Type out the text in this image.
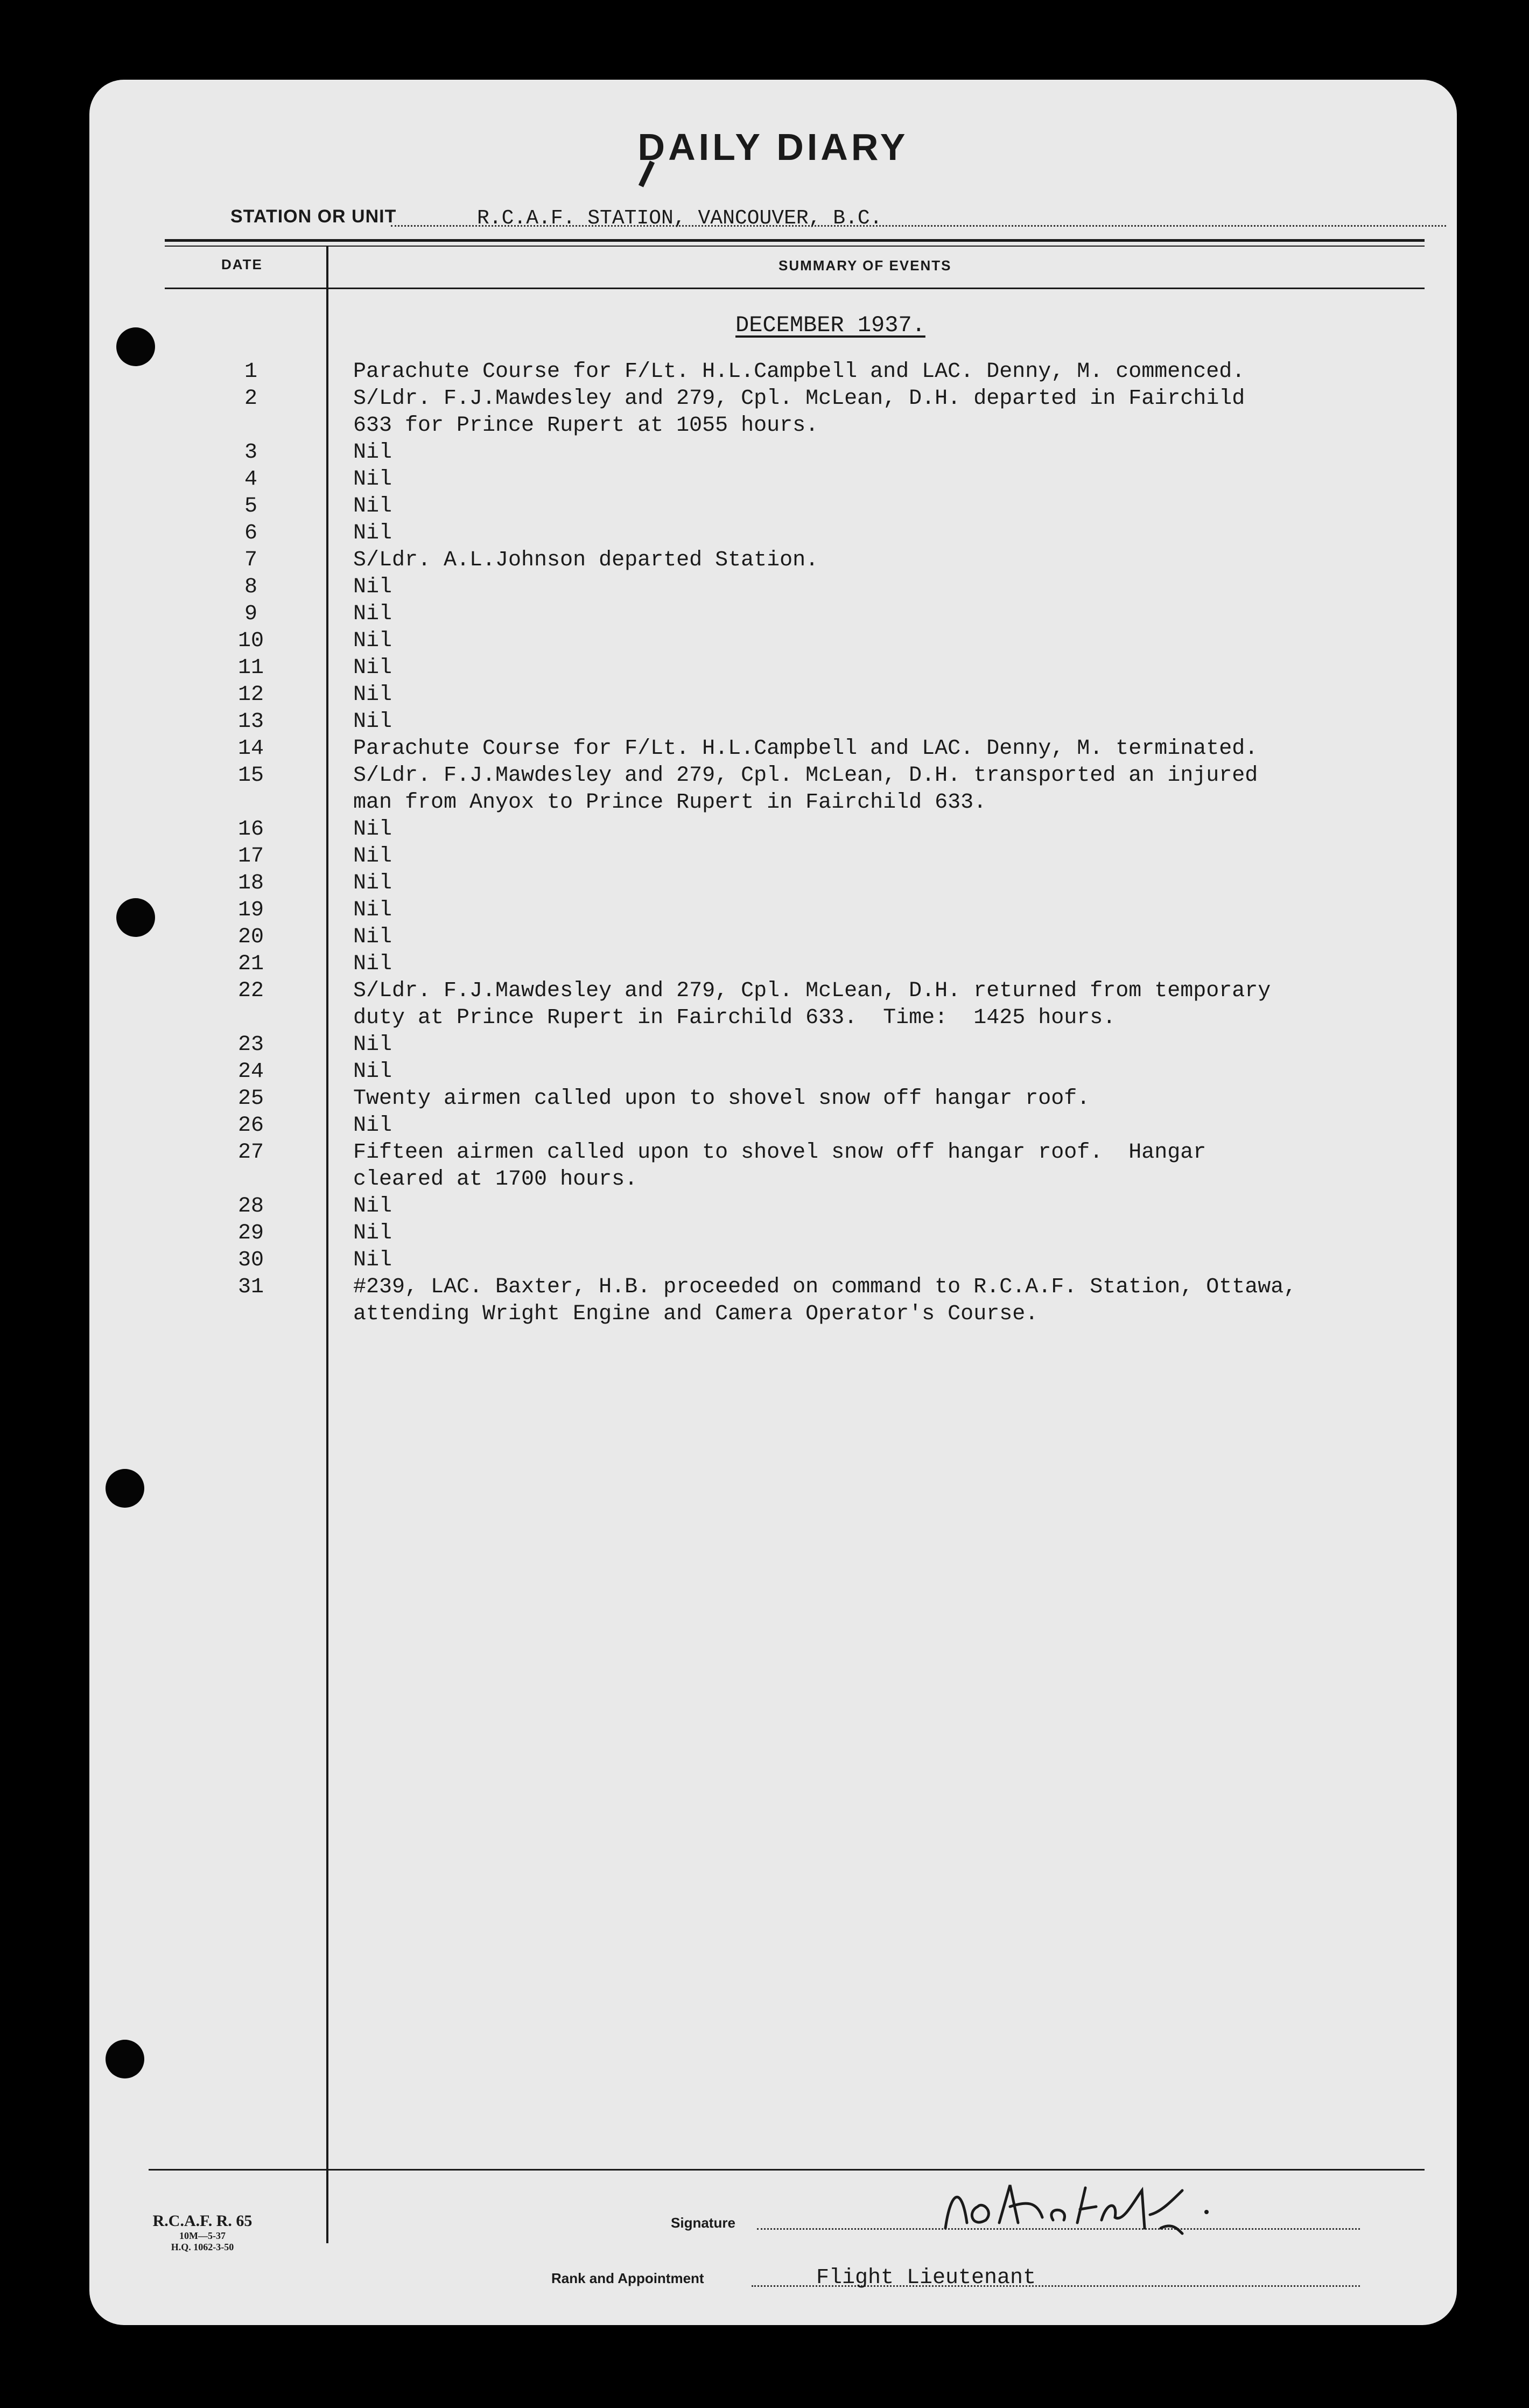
DAILY DIARY
STATION OR UNIT	R.C.A.F. STATION, VANCOUVER, B.C.
DATE	SUMMARY OF EVENTS
DECEMBER 1937.
1	Parachute Course for F/Lt. H.L.Campbell and LAC. Denny, M. commenced.
2	S/Ldr. F.J.Mawdesley and 279, Cpl. McLean, D.H. departed in Fairchild
633 for Prince Rupert at 1055 hours.
3	Nil
4	Nil
5	Nil
6	Nil
7	S/Ldr. A.L.Johnson departed Station.
8	Nil
9	Nil
10	Nil
11	Nil
12	Nil
13	Nil
14	Parachute Course for F/Lt. H.L.Campbell and LAC. Denny, M. terminated.
15	S/Ldr. F.J.Mawdesley and 279, Cpl. McLean, D.H. transported an injured
man from Anyox to Prince Rupert in Fairchild 633.
16	Nil
17	Nil
18	Nil
19	Nil
20	Nil
21	Nil
22	S/Ldr. F.J.Mawdesley and 279, Cpl. McLean, D.H. returned from temporary
duty at Prince Rupert in Fairchild 633.  Time:  1425 hours.
23	Nil
24	Nil
25	Twenty airmen called upon to shovel snow off hangar roof.
26	Nil
27	Fifteen airmen called upon to shovel snow off hangar roof.  Hangar
cleared at 1700 hours.
28	Nil
29	Nil
30	Nil
31	#239, LAC. Baxter, H.B. proceeded on command to R.C.A.F. Station, Ottawa,
attending Wright Engine and Camera Operator's Course.
R.C.A.F. R. 65
10M—5-37
H.Q. 1062-3-50
Signature
Rank and Appointment	Flight Lieutenant
